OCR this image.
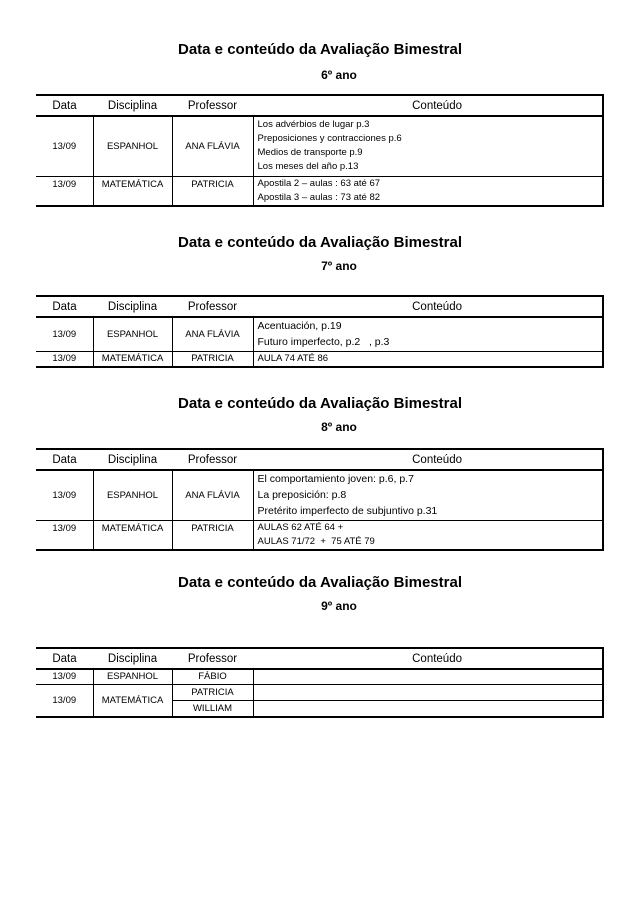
Data e conteúdo da Avaliação Bimestral
6º ano
Data	Disciplina	Professor	Conteúdo
13/09	ESPANHOL	ANA FLÁVIA	Los advérbios de lugar p.3
Preposiciones y contracciones p.6
Medios de transporte p.9
Los meses del año p.13

13/09	MATEMÁTICA	PATRICIA	Apostila 2 – aulas : 63 até 67
Apostila 3 – aulas : 73 até 82
Data e conteúdo da Avaliação Bimestral
7º ano
Data	Disciplina	Professor	Conteúdo
13/09	ESPANHOL	ANA FLÁVIA	Acentuación, p.19
Futuro imperfecto, p.2   , p.3

13/09	MATEMÁTICA	PATRICIA	AULA 74 ATÉ 86
Data e conteúdo da Avaliação Bimestral
8º ano
Data	Disciplina	Professor	Conteúdo
13/09	ESPANHOL	ANA FLÁVIA	El comportamiento joven: p.6, p.7
La preposición: p.8
Pretérito imperfecto de subjuntivo p.31

13/09	MATEMÁTICA	PATRICIA	AULAS 62 ATÉ 64 +
AULAS 71/72  +  75 ATÉ 79
Data e conteúdo da Avaliação Bimestral
9º ano
Data	Disciplina	Professor	Conteúdo
13/09	ESPANHOL	FÁBIO	
13/09	MATEMÁTICA	PATRICIA
WILLIAM	
